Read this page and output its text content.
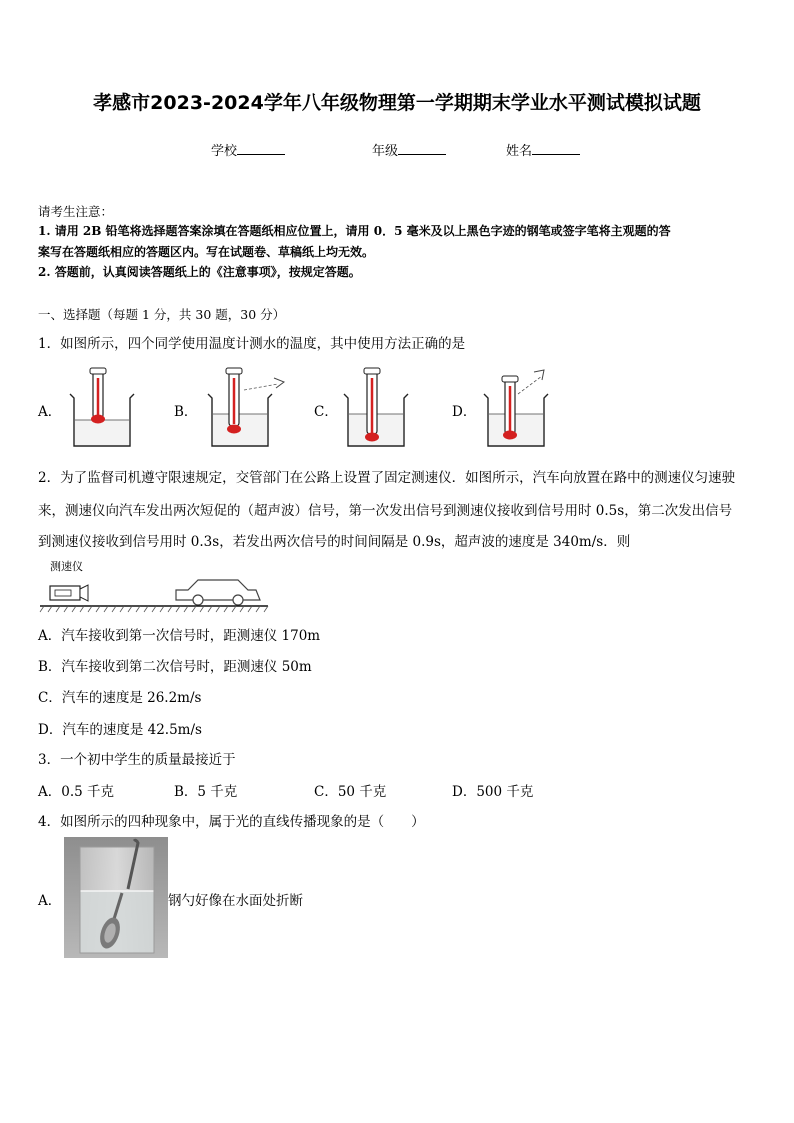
孝感市2023-2024学年八年级物理第一学期期末学业水平测试模拟试题
学校	年级	姓名
请考生注意：
1. 请用 2B 铅笔将选择题答案涂填在答题纸相应位置上，请用 0．5 毫米及以上黑色字迹的钢笔或签字笔将主观题的答
案写在答题纸相应的答题区内。写在试题卷、草稿纸上均无效。
2. 答题前，认真阅读答题纸上的《注意事项》，按规定答题。
一、选择题（每题 1 分，共 30 题，30 分）
1．如图所示，四个同学使用温度计测水的温度，其中使用方法正确的是
A．	B．	C．	D．
2．为了监督司机遵守限速规定，交管部门在公路上设置了固定测速仪．如图所示，汽车向放置在路中的测速仪匀速驶
来，测速仪向汽车发出两次短促的（超声波）信号，第一次发出信号到测速仪接收到信号用时 0.5s，第二次发出信号
到测速仪接收到信号用时 0.3s，若发出两次信号的时间间隔是 0.9s，超声波的速度是 340m/s．则
测速仪
A．汽车接收到第一次信号时，距测速仪 170m
B．汽车接收到第二次信号时，距测速仪 50m
C．汽车的速度是 26.2m/s
D．汽车的速度是 42.5m/s
3．一个初中学生的质量最接近于
A．0.5 千克	B．5 千克	C．50 千克	D．500 千克
4．如图所示的四种现象中，属于光的直线传播现象的是（　　）
A．	钢勺好像在水面处折断
